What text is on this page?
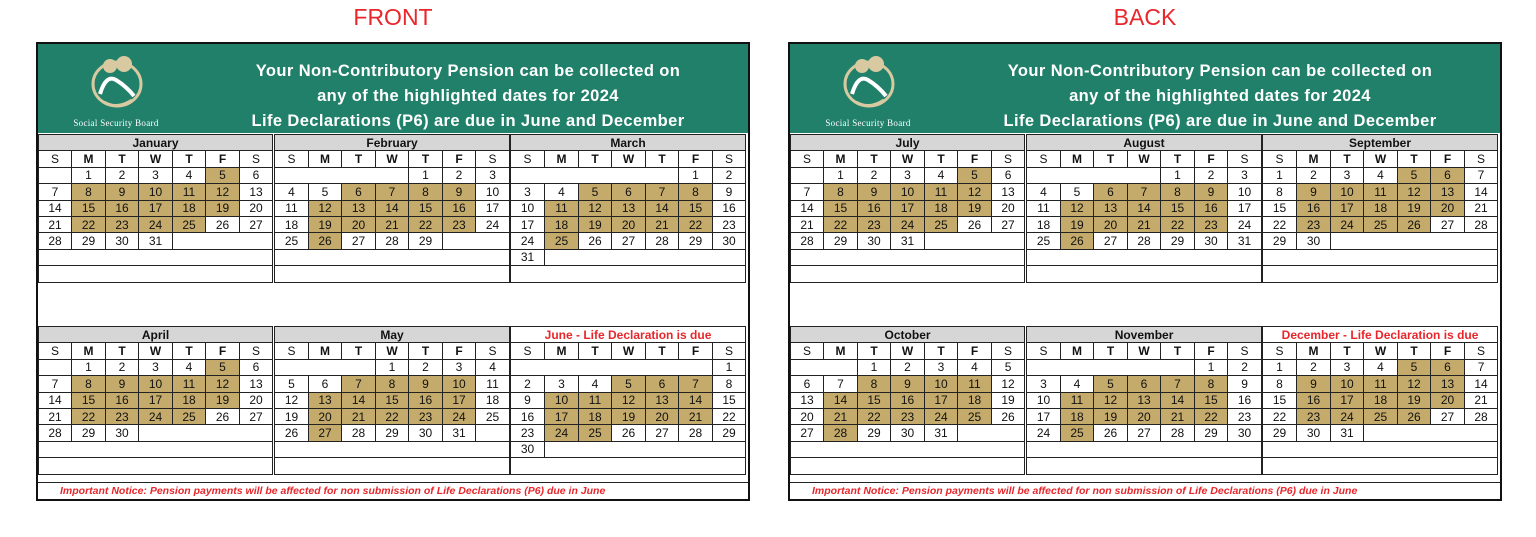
FRONT	BACK
Social Security Board
Your Non-Contributory Pension can be collected on
any of the highlighted dates for 2024
Life Declarations (P6) are due in June and December
January						
S	M	T	W	T	F	S
	1	2	3	4	5	6
7	8	9	10	11	12	13
14	15	16	17	18	19	20
21	22	23	24	25	26	27
28	29	30	31			

February						
S	M	T	W	T	F	S
				1	2	3
4	5	6	7	8	9	10
11	12	13	14	15	16	17
18	19	20	21	22	23	24
25	26	27	28	29		

March						
S	M	T	W	T	F	S
					1	2
3	4	5	6	7	8	9
10	11	12	13	14	15	16
17	18	19	20	21	22	23
24	25	26	27	28	29	30
31						

April						
S	M	T	W	T	F	S
	1	2	3	4	5	6
7	8	9	10	11	12	13
14	15	16	17	18	19	20
21	22	23	24	25	26	27
28	29	30				

May						
S	M	T	W	T	F	S
			1	2	3	4
5	6	7	8	9	10	11
12	13	14	15	16	17	18
19	20	21	22	23	24	25
26	27	28	29	30	31	

June - Life Declaration is due						
S	M	T	W	T	F	S
						1
2	3	4	5	6	7	8
9	10	11	12	13	14	15
16	17	18	19	20	21	22
23	24	25	26	27	28	29
30						

Important Notice: Pension payments will be affected for non submission of Life Declarations (P6) due in June
Social Security Board
Your Non-Contributory Pension can be collected on
any of the highlighted dates for 2024
Life Declarations (P6) are due in June and December
July						
S	M	T	W	T	F	S
	1	2	3	4	5	6
7	8	9	10	11	12	13
14	15	16	17	18	19	20
21	22	23	24	25	26	27
28	29	30	31			

August						
S	M	T	W	T	F	S
				1	2	3
4	5	6	7	8	9	10
11	12	13	14	15	16	17
18	19	20	21	22	23	24
25	26	27	28	29	30	31

September						
S	M	T	W	T	F	S
1	2	3	4	5	6	7
8	9	10	11	12	13	14
15	16	17	18	19	20	21
22	23	24	25	26	27	28
29	30					

October						
S	M	T	W	T	F	S
		1	2	3	4	5
6	7	8	9	10	11	12
13	14	15	16	17	18	19
20	21	22	23	24	25	26
27	28	29	30	31		

November						
S	M	T	W	T	F	S
					1	2
3	4	5	6	7	8	9
10	11	12	13	14	15	16
17	18	19	20	21	22	23
24	25	26	27	28	29	30

December - Life Declaration is due						
S	M	T	W	T	F	S
1	2	3	4	5	6	7
8	9	10	11	12	13	14
15	16	17	18	19	20	21
22	23	24	25	26	27	28
29	30	31				

Important Notice: Pension payments will be affected for non submission of Life Declarations (P6) due in June
